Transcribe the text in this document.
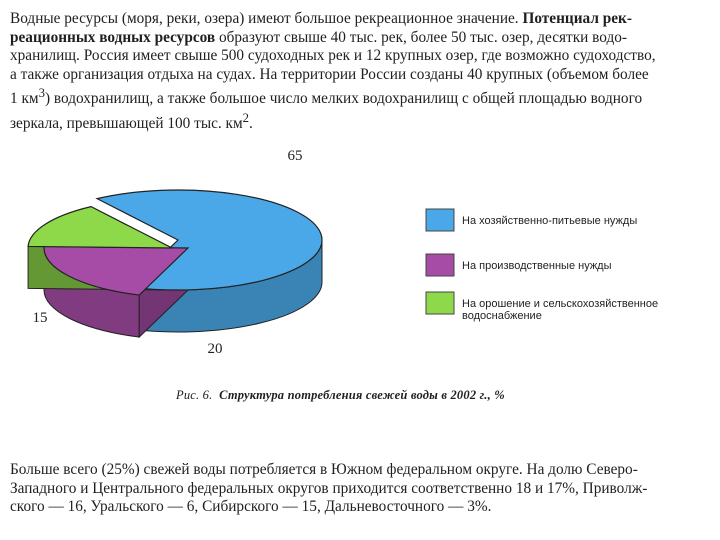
Водные ресурсы (моря, реки, озера) имеют большое рекреационное значение. Потенциал рек-
реационных водных ресурсов образуют свыше 40 тыс. рек, более 50 тыс. озер, десятки водо-
хранилищ. Россия имеет свыше 500 судоходных рек и 12 крупных озер, где возможно судоходство,
а также организация отдыха на судах. На территории России созданы 40 крупных (объемом более
1 $км^3$) водохранилищ, а также большое число мелких водохранилищ с общей площадью водного
зеркала, превышающей 100 тыс. $км^2$.
65
20
15
На хозяйственно-питьевые нужды
На производственные нужды
На орошение и сельскохозяйственное
водоснабжение
Рис. 6. Структура потребления свежей воды в 2002 г., %
Больше всего (25%) свежей воды потребляется в Южном федеральном округе. На долю Северо-
Западного и Центрального федеральных округов приходится соответственно 18 и 17%, Приволж-
ского — 16, Уральского — 6, Сибирского — 15, Дальневосточного — 3%.
